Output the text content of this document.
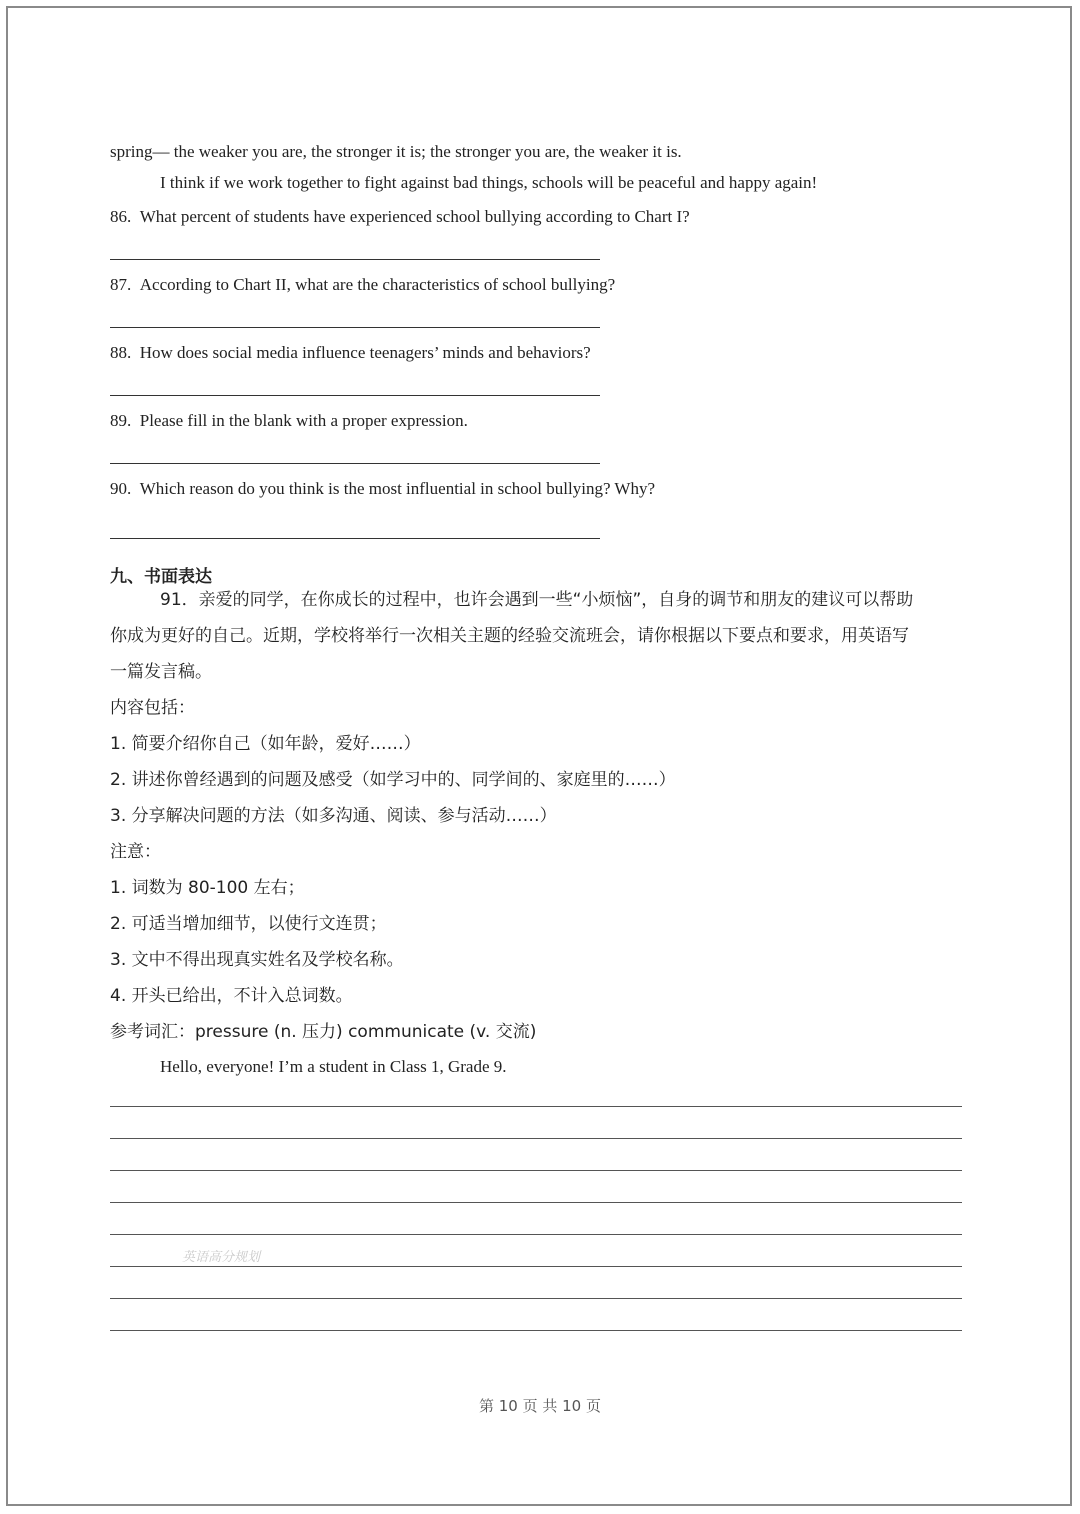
spring— the weaker you are, the stronger it is; the stronger you are, the weaker it is.
I think if we work together to fight against bad things, schools will be peaceful and happy again!
86. What percent of students have experienced school bullying according to Chart I?
87. According to Chart II, what are the characteristics of school bullying?
88. How does social media influence teenagers’ minds and behaviors?
89. Please fill in the blank with a proper expression.
90. Which reason do you think is the most influential in school bullying? Why?
九、书面表达
91．亲爱的同学，在你成长的过程中，也许会遇到一些“小烦恼”，自身的调节和朋友的建议可以帮助
你成为更好的自己。近期，学校将举行一次相关主题的经验交流班会，请你根据以下要点和要求，用英语写
一篇发言稿。
内容包括：
1. 简要介绍你自己（如年龄，爱好……）
2. 讲述你曾经遇到的问题及感受（如学习中的、同学间的、家庭里的……）
3. 分享解决问题的方法（如多沟通、阅读、参与活动……）
注意：
1. 词数为 80-100 左右；
2. 可适当增加细节，以使行文连贯；
3. 文中不得出现真实姓名及学校名称。
4. 开头已给出，不计入总词数。
参考词汇：pressure (n. 压力) communicate (v. 交流)
Hello, everyone! I’m a student in Class 1, Grade 9.
英语高分规划
第 10 页 共 10 页
